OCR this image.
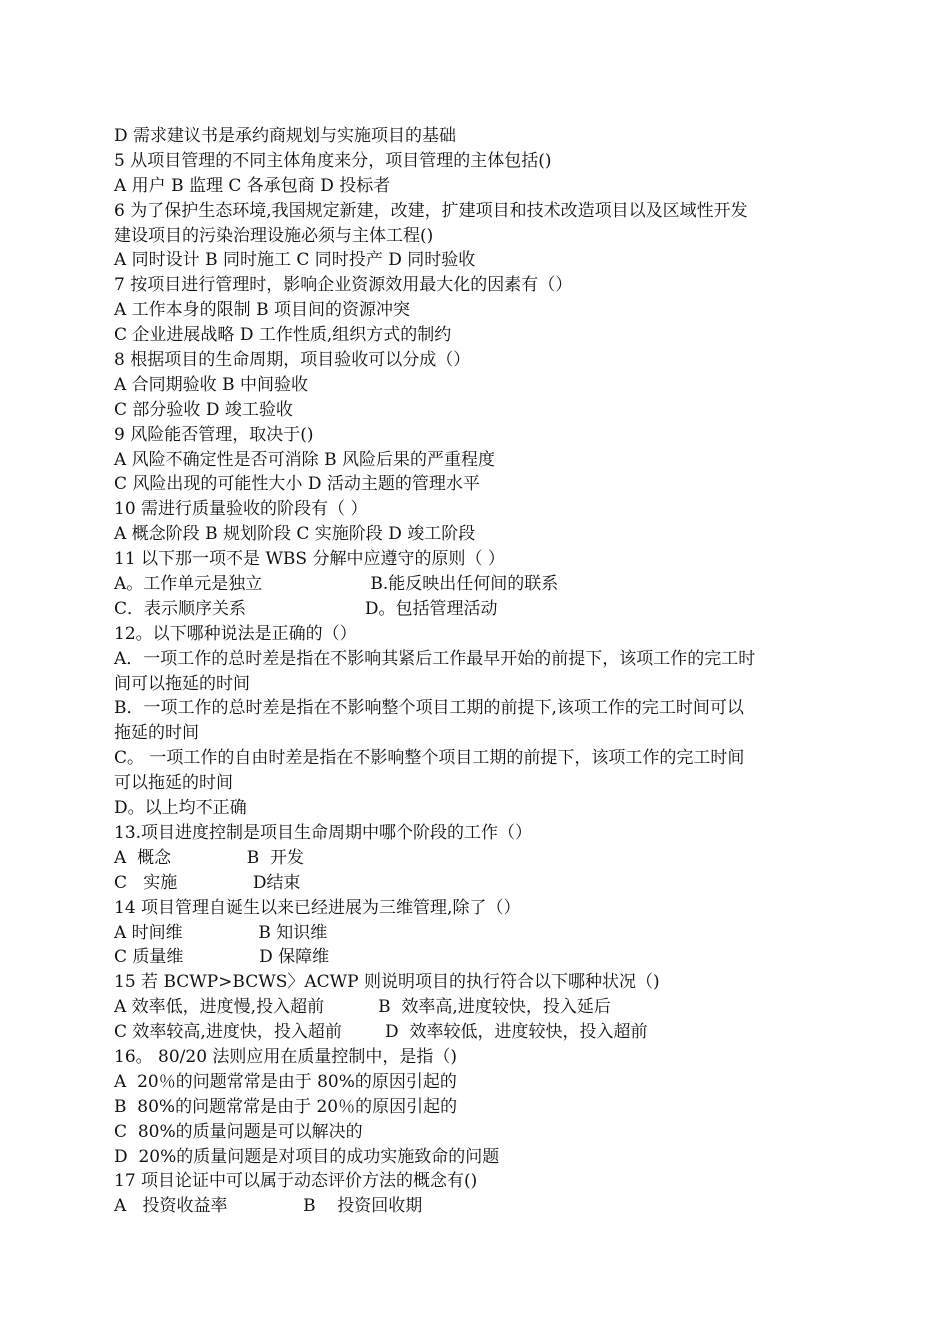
D 需求建议书是承约商规划与实施项目的基础
5 从项目管理的不同主体角度来分，项目管理的主体包括()
A 用户 B 监理 C 各承包商 D 投标者
6 为了保护生态环境,我国规定新建，改建，扩建项目和技术改造项目以及区域性开发
建设项目的污染治理设施必须与主体工程()
A 同时设计 B 同时施工 C 同时投产 D 同时验收
7 按项目进行管理时，影响企业资源效用最大化的因素有（）
A 工作本身的限制 B 项目间的资源冲突
C 企业进展战略 D 工作性质,组织方式的制约
8 根据项目的生命周期，项目验收可以分成（）
A 合同期验收 B 中间验收
C 部分验收 D 竣工验收
9 风险能否管理，取决于()
A 风险不确定性是否可消除 B 风险后果的严重程度
C 风险出现的可能性大小 D 活动主题的管理水平
10 需进行质量验收的阶段有（ ）
A 概念阶段 B 规划阶段 C 实施阶段 D 竣工阶段
11 以下那一项不是 WBS 分解中应遵守的原则（ ）
A。工作单元是独立                    B.能反映出任何间的联系
C．表示顺序关系                      D。包括管理活动
12。以下哪种说法是正确的（）
A．一项工作的总时差是指在不影响其紧后工作最早开始的前提下，该项工作的完工时
间可以拖延的时间
B．一项工作的总时差是指在不影响整个项目工期的前提下,该项工作的完工时间可以
拖延的时间
C。 一项工作的自由时差是指在不影响整个项目工期的前提下，该项工作的完工时间
可以拖延的时间
D。以上均不正确
13.项目进度控制是项目生命周期中哪个阶段的工作（）
A  概念              B  开发
C   实施              D结束
14 项目管理自诞生以来已经进展为三维管理,除了（）
A 时间维              B 知识维
C 质量维              D 保障维
15 若 BCWP>BCWS〉ACWP 则说明项目的执行符合以下哪种状况（)
A 效率低，进度慢,投入超前          B  效率高,进度较快，投入延后
C 效率较高,进度快，投入超前        D  效率较低，进度较快，投入超前
16。 80/20 法则应用在质量控制中，是指（)
A  20％的问题常常是由于 80%的原因引起的
B  80%的问题常常是由于 20％的原因引起的
C  80%的质量问题是可以解决的
D  20%的质量问题是对项目的成功实施致命的问题
17 项目论证中可以属于动态评价方法的概念有()
A   投资收益率              B    投资回收期
